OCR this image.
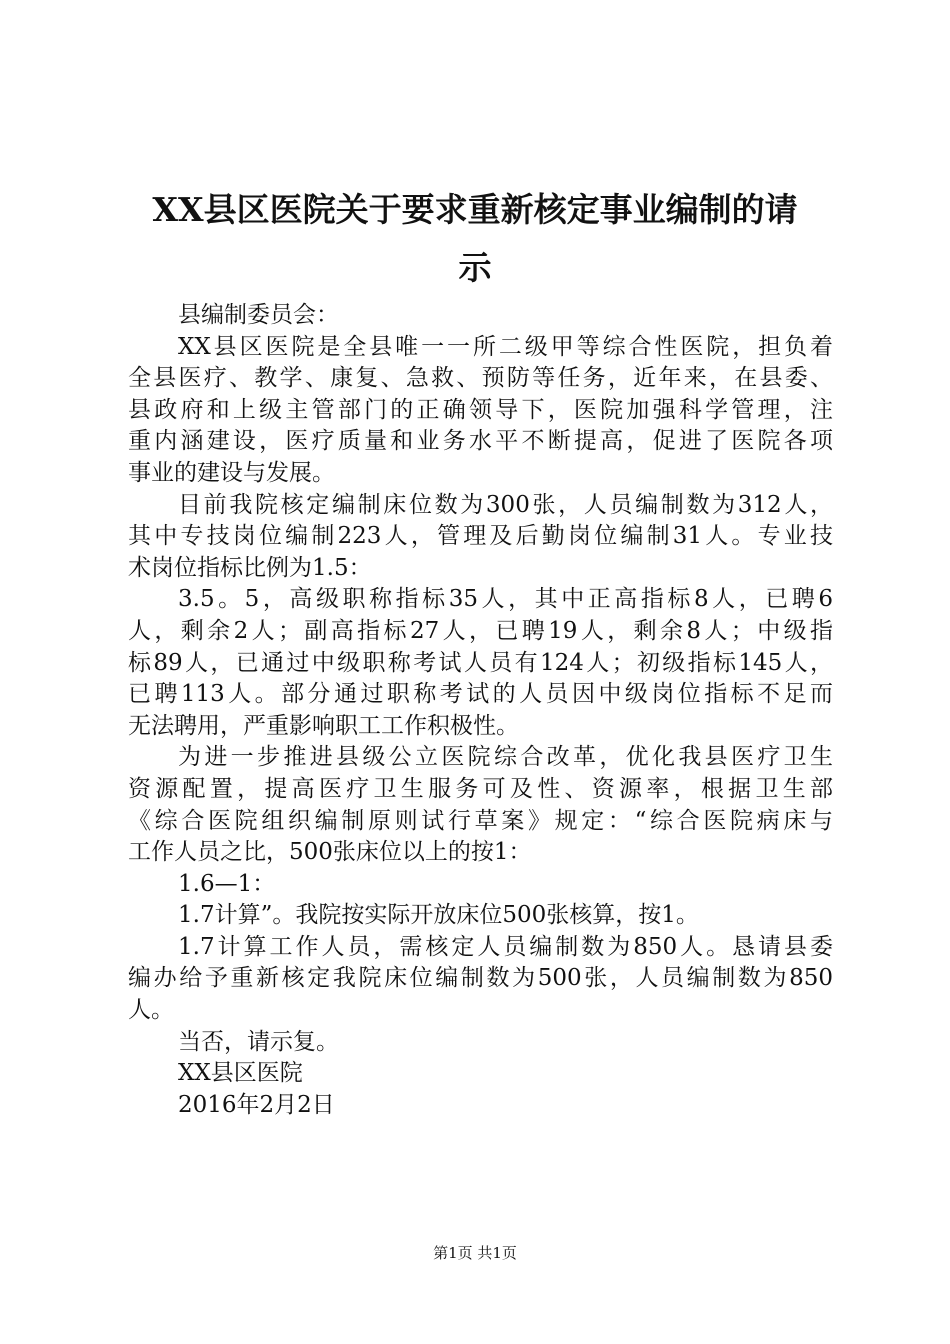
XX县区医院关于要求重新核定事业编制的请
示
县编制委员会：
XX县区医院是全县唯一一所二级甲等综合性医院，担负着
全县医疗、教学、康复、急救、预防等任务，近年来，在县委、
县政府和上级主管部门的正确领导下，医院加强科学管理，注
重内涵建设，医疗质量和业务水平不断提高，促进了医院各项
事业的建设与发展。
目前我院核定编制床位数为300张，人员编制数为312人，
其中专技岗位编制223人，管理及后勤岗位编制31人。专业技
术岗位指标比例为1.5：
3.5。5，高级职称指标35人，其中正高指标8人，已聘6
人，剩余2人；副高指标27人，已聘19人，剩余8人；中级指
标89人，已通过中级职称考试人员有124人；初级指标145人，
已聘113人。部分通过职称考试的人员因中级岗位指标不足而
无法聘用，严重影响职工工作积极性。
为进一步推进县级公立医院综合改革，优化我县医疗卫生
资源配置，提高医疗卫生服务可及性、资源率，根据卫生部
《综合医院组织编制原则试行草案》规定：“综合医院病床与
工作人员之比，500张床位以上的按1：
1.6—1：
1.7计算”。我院按实际开放床位500张核算，按1。
1.7计算工作人员，需核定人员编制数为850人。恳请县委
编办给予重新核定我院床位编制数为500张，人员编制数为850
人。
当否，请示复。
XX县区医院
2016年2月2日
第1页 共1页
